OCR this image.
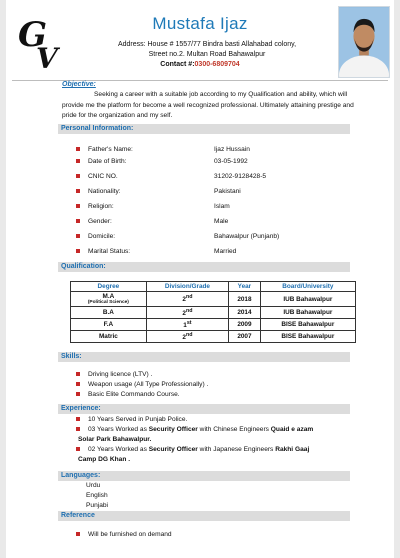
G
V
Mustafa Ijaz
Address: House # 1557/77 Bindra basti Allahabad colony,
Street no.2. Multan Road Bahawalpur
Contact #:0300-6809704
Objective:
Seeking a career with a suitable job according to my Qualification and ability, which will provide me the platform for become a well recognized professional. Ultimately attaining prestige and pride for the organization and my self.
Personal Information:
Father's Name:	Ijaz Hussain
Date of Birth:	03-05-1992
CNIC NO.	31202-9128428-5
Nationality:	Pakistani
Religion:	Islam
Gender:	Male
Domicile:	Bahawalpur (Punjanb)
Marital Status:	Married
Qualification:
Degree	Division/Grade	Year	Board/University

M.A
(Political Science)	2nd	2018	IUB Bahawalpur
B.A	2nd	2014	IUB Bahawalpur
F.A	1st	2009	BISE Bahawalpur
Matric	2nd	2007	BISE Bahawalpur
Skills:
Driving licence (LTV) .
Weapon usage (All Type Professionally) .
Basic Elite Commando Course.
Experience:
10 Years Served in Punjab Police.
03 Years Worked as Security Officer with Chinese Engineers Quaid e azam
Solar Park Bahawalpur.
02 Years Worked as Security Officer with Japanese Engineers Rakhi Gaaj
Camp DG Khan .
Languages:
Urdu
English
Punjabi
Reference
Will be furnished on demand
